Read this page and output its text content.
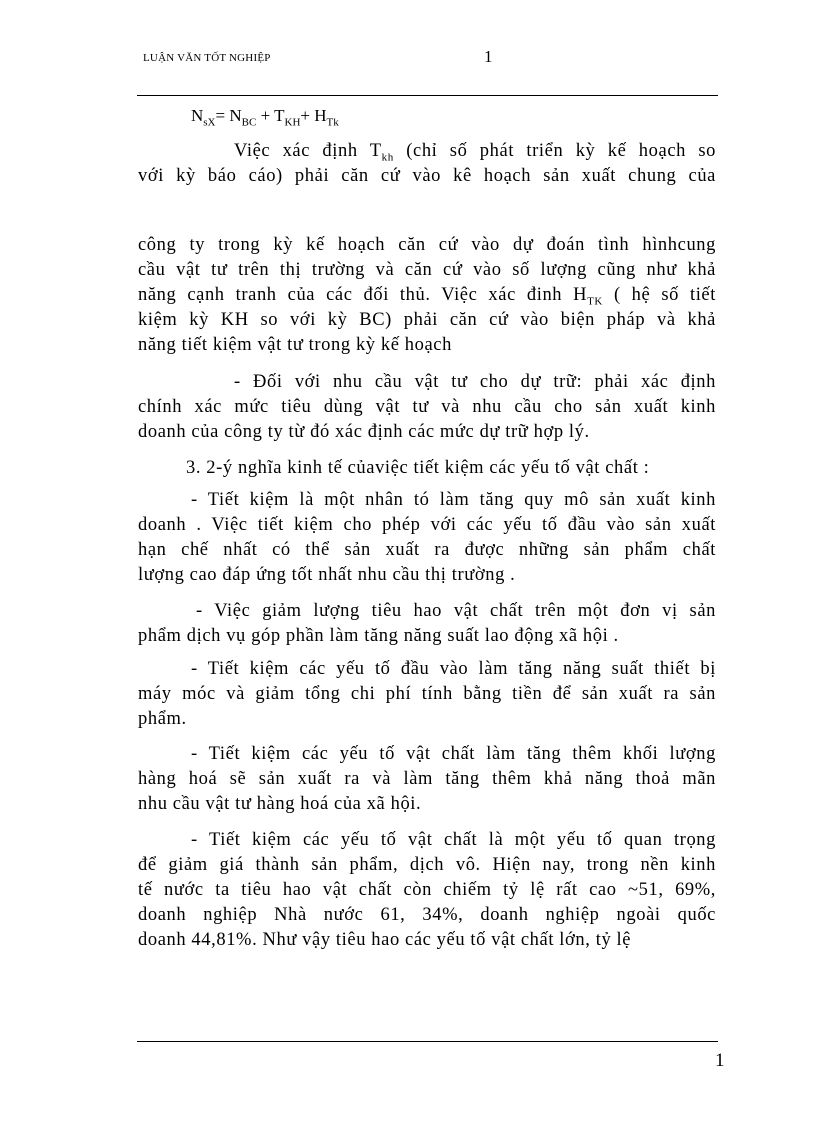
LUẬN VĂN TỐT NGHIỆP	1
$N_{sX}= N_{BC} + T_{KH}+ H_{Tk}$
Việc xác định $T_{kh}$ (chỉ số phát triển kỳ kế hoạch so
với kỳ báo cáo) phải căn cứ vào kê hoạch sản xuất chung của
công ty trong kỳ kế hoạch căn cứ vào dự đoán tình hìnhcung
cầu vật tư trên thị trường và căn cứ vào số lượng cũng như khả
năng cạnh tranh của các đối thủ. Việc xác đinh $H_{TK}$ ( hệ số tiết
kiệm kỳ KH so với kỳ BC) phải căn cứ vào biện pháp và khả
năng tiết kiệm vật tư trong kỳ kế hoạch
- Đối với nhu cầu vật tư cho dự trữ: phải xác định
chính xác mức tiêu dùng vật tư và nhu cầu cho sản xuất kinh
doanh của công ty từ đó xác định các mức dự trữ hợp lý.
3. 2-ý nghĩa kinh tế củaviệc tiết kiệm các yếu tố vật chất :
- Tiết kiệm là một nhân tó làm tăng quy mô sản xuất kinh
doanh . Việc tiết kiệm cho phép với các yếu tố đầu vào sản xuất
hạn chế nhất có thể sản xuất ra được những sản phẩm chất
lượng cao đáp ứng tốt nhất nhu cầu thị trường .
- Việc giảm lượng tiêu hao vật chất trên một đơn vị sản
phẩm dịch vụ góp phần làm tăng năng suất lao động xã hội .
- Tiết kiệm các yếu tố đầu vào làm tăng năng suất thiết bị
máy móc và giảm tổng chi phí tính bằng tiền để sản xuất ra sản
phẩm.
- Tiết kiệm các yếu tố vật chất làm tăng thêm khối lượng
hàng hoá sẽ sản xuất ra và làm tăng thêm khả năng thoả mãn
nhu cầu vật tư hàng hoá của xã hội.
- Tiết kiệm các yếu tố vật chất là một yếu tố quan trọng
để giảm giá thành sản phẩm, dịch vô. Hiện nay, trong nền kinh
tế nước ta tiêu hao vật chất còn chiếm tỷ lệ rất cao ~51, 69%,
doanh nghiệp Nhà nước 61, 34%, doanh nghiệp ngoài quốc
doanh 44,81%. Như vậy tiêu hao các yếu tố vật chất lớn, tỷ lệ
1
